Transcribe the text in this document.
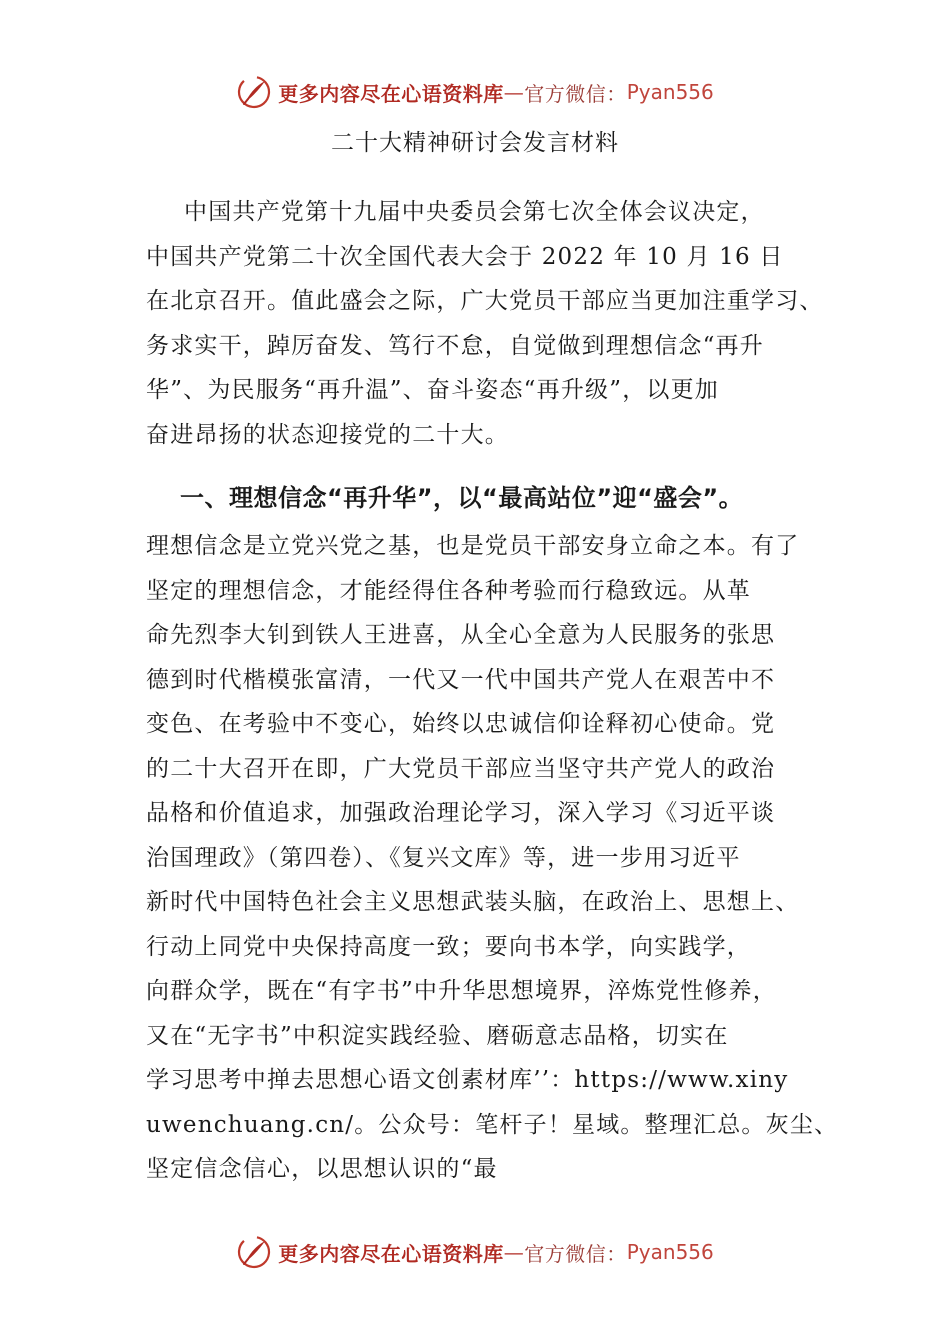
更多内容尽在心语资料库 — 官方微信： Pyan556
二十大精神研讨会发言材料
中国共产党第十九届中央委员会第七次全体会议决定，
中国共产党第二十次全国代表大会于 2022 年 10 月 16 日
在北京召开。值此盛会之际，广大党员干部应当更加注重学习、
务求实干，踔厉奋发、笃行不怠，自觉做到理想信念“再升
华”、为民服务“再升温”、奋斗姿态“再升级”，以更加
奋进昂扬的状态迎接党的二十大。
一、理想信念“再升华”，以“最高站位”迎“盛会”。
理想信念是立党兴党之基，也是党员干部安身立命之本。有了
坚定的理想信念，才能经得住各种考验而行稳致远。从革
命先烈李大钊到铁人王进喜，从全心全意为人民服务的张思
德到时代楷模张富清，一代又一代中国共产党人在艰苦中不
变色、在考验中不变心，始终以忠诚信仰诠释初心使命。党
的二十大召开在即，广大党员干部应当坚守共产党人的政治
品格和价值追求，加强政治理论学习，深入学习《习近平谈
治国理政》（第四卷）、《复兴文库》等，进一步用习近平
新时代中国特色社会主义思想武装头脑，在政治上、思想上、
行动上同党中央保持高度一致；要向书本学，向实践学，
向群众学，既在“有字书”中升华思想境界，淬炼党性修养，
又在“无字书”中积淀实践经验、磨砺意志品格，切实在
学习思考中掸去思想心语文创素材库’’：https://www.xiny
uwenchuang.cn/。公众号：笔杆子！星域。整理汇总。灰尘、
坚定信念信心，以思想认识的“最
更多内容尽在心语资料库 — 官方微信： Pyan556
